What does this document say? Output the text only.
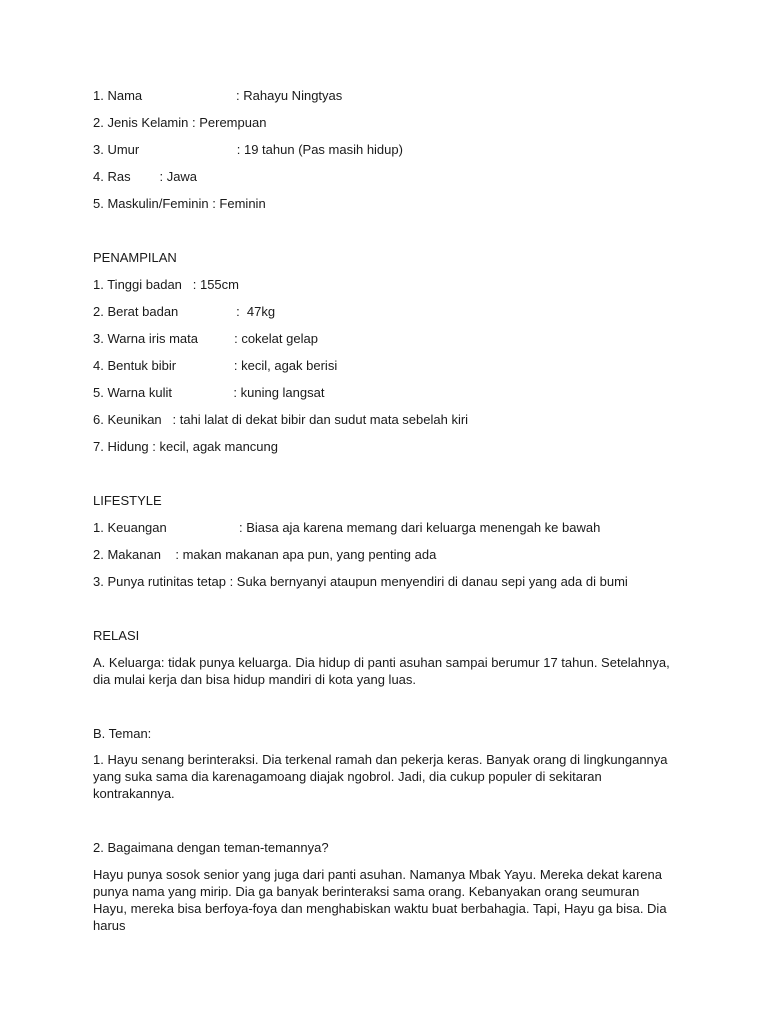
1. Nama                          : Rahayu Ningtyas
2. Jenis Kelamin : Perempuan
3. Umur                           : 19 tahun (Pas masih hidup)
4. Ras        : Jawa
5. Maskulin/Feminin : Feminin
PENAMPILAN
1. Tinggi badan   : 155cm
2. Berat badan                :  47kg
3. Warna iris mata          : cokelat gelap
4. Bentuk bibir                : kecil, agak berisi
5. Warna kulit                 : kuning langsat
6. Keunikan   : tahi lalat di dekat bibir dan sudut mata sebelah kiri
7. Hidung : kecil, agak mancung
LIFESTYLE
1. Keuangan                    : Biasa aja karena memang dari keluarga menengah ke bawah
2. Makanan    : makan makanan apa pun, yang penting ada
3. Punya rutinitas tetap : Suka bernyanyi ataupun menyendiri di danau sepi yang ada di bumi
RELASI
A. Keluarga: tidak punya keluarga. Dia hidup di panti asuhan sampai berumur 17 tahun. Setelahnya, dia mulai kerja dan bisa hidup mandiri di kota yang luas.
B. Teman:
1. Hayu senang berinteraksi. Dia terkenal ramah dan pekerja keras. Banyak orang di lingkungannya yang suka sama dia karenagamoang diajak ngobrol. Jadi, dia cukup populer di sekitaran kontrakannya.
2. Bagaimana dengan teman-temannya?
Hayu punya sosok senior yang juga dari panti asuhan. Namanya Mbak Yayu. Mereka dekat karena punya nama yang mirip. Dia ga banyak berinteraksi sama orang. Kebanyakan orang seumuran Hayu, mereka bisa berfoya-foya dan menghabiskan waktu buat berbahagia. Tapi, Hayu ga bisa. Dia harus
